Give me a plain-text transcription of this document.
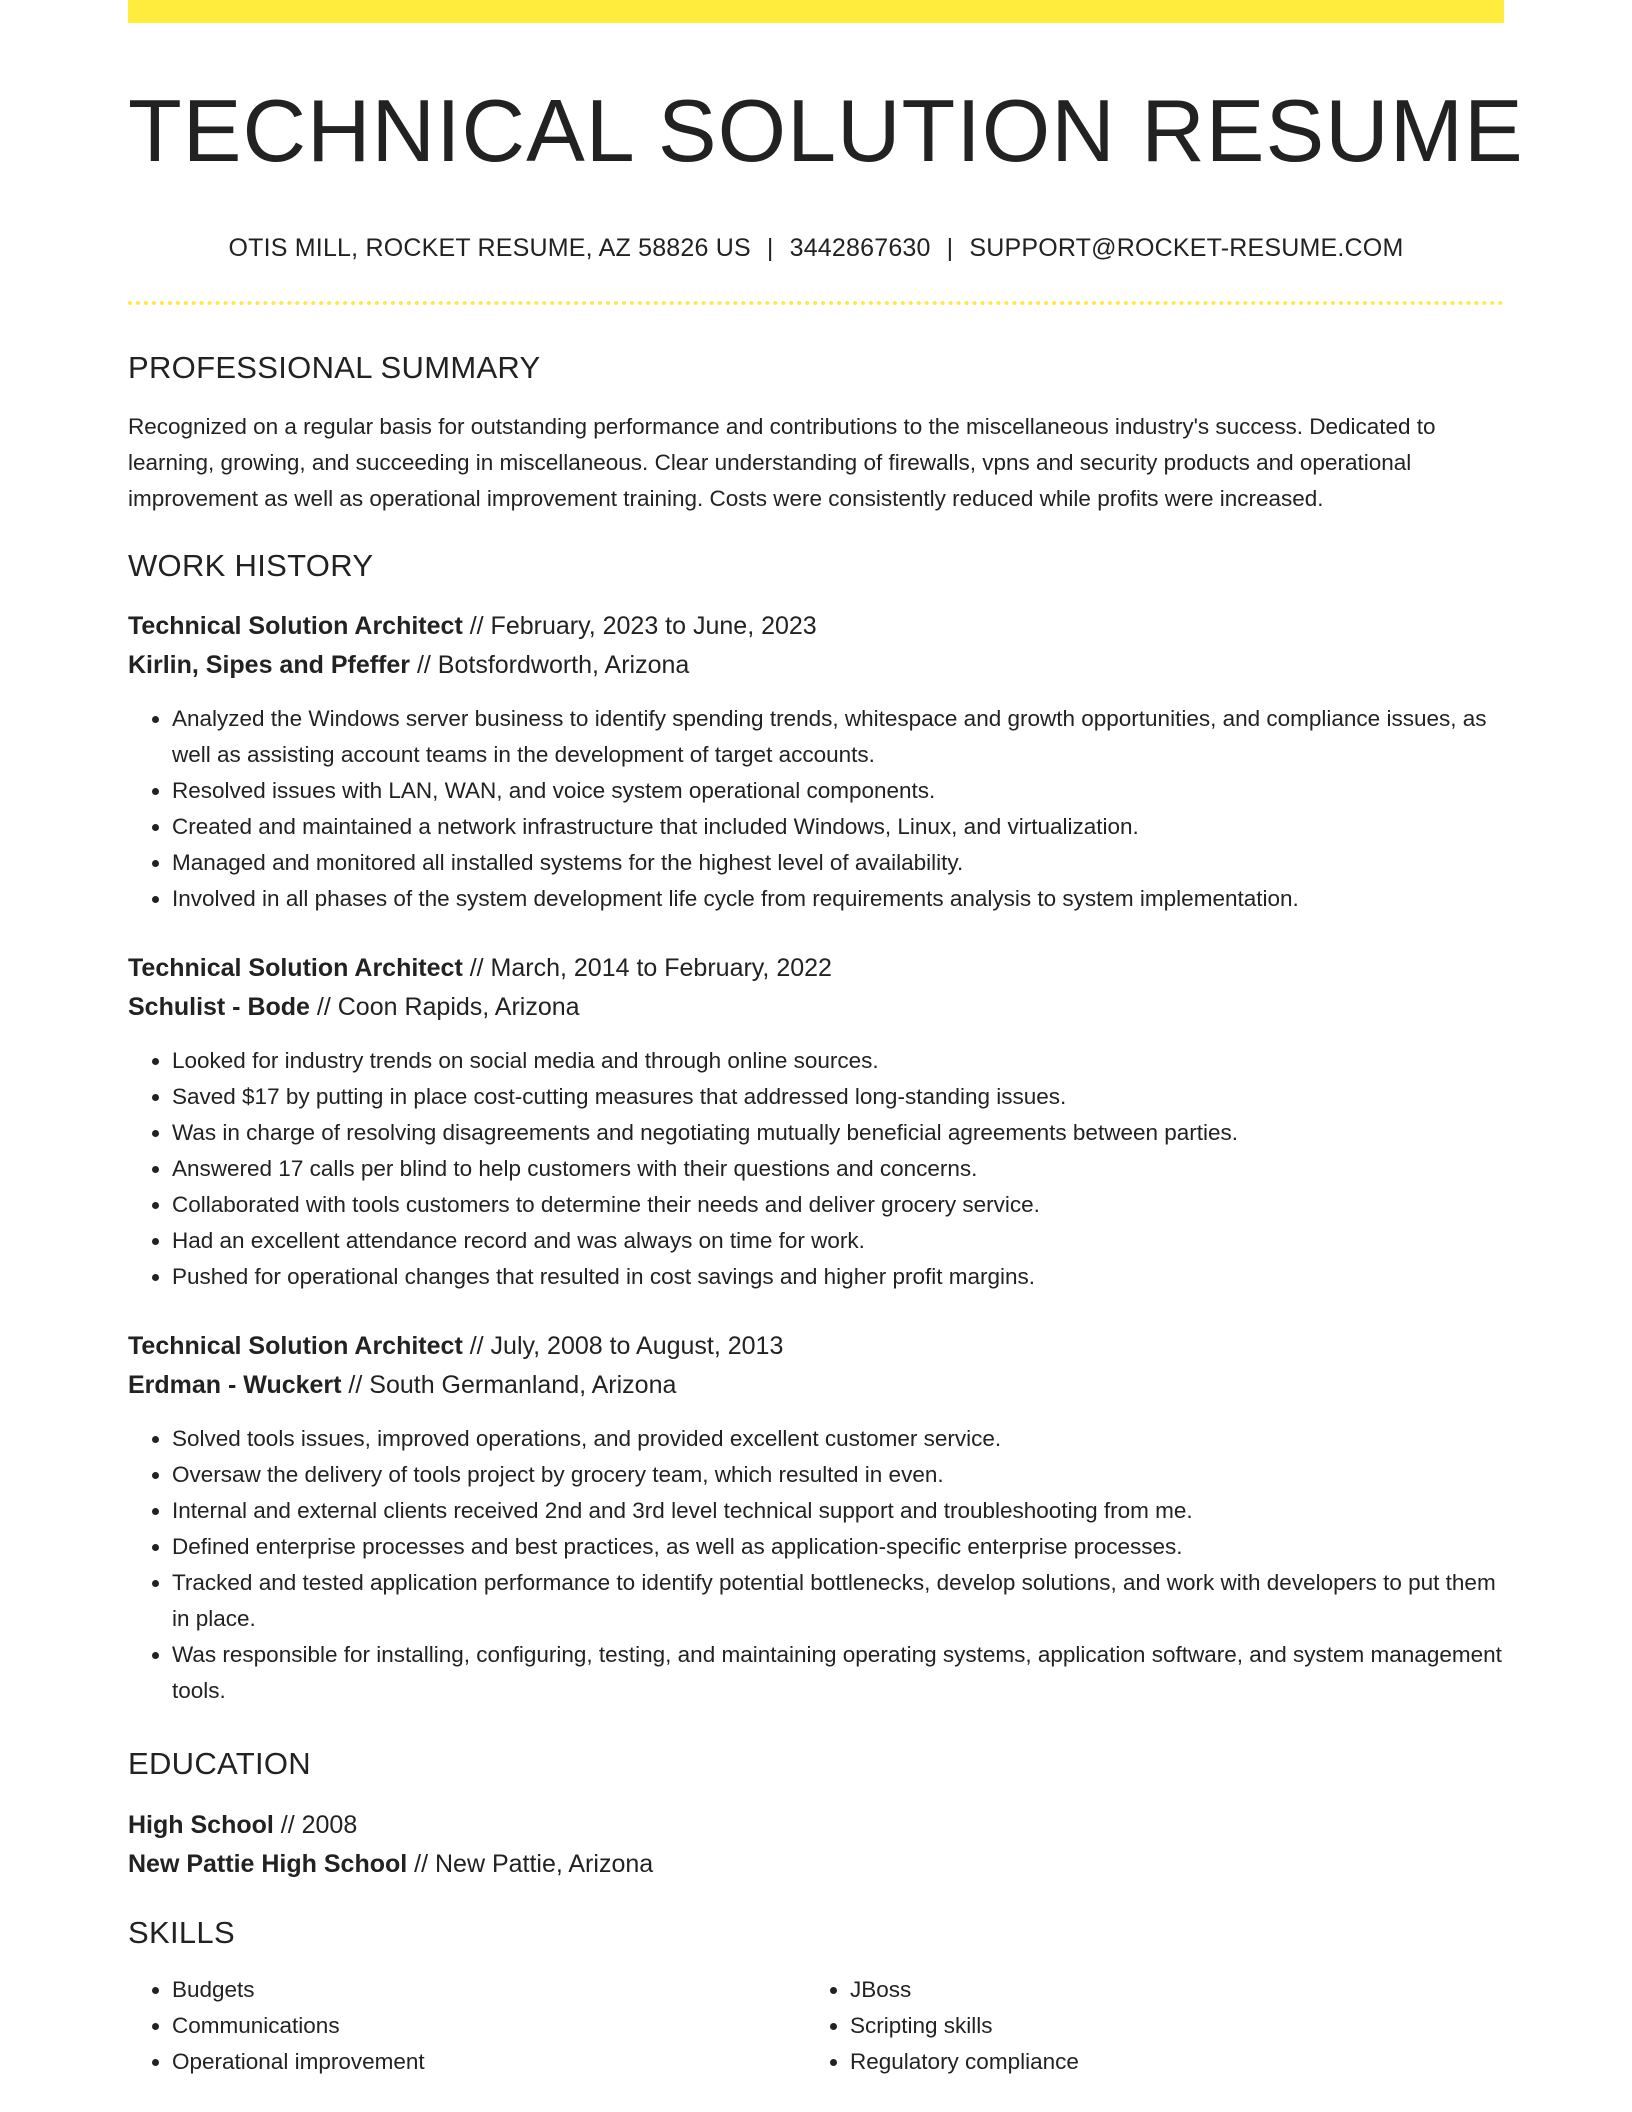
TECHNICAL SOLUTION RESUME
OTIS MILL, ROCKET RESUME, AZ 58826 US | 3442867630 | SUPPORT@ROCKET-RESUME.COM
PROFESSIONAL SUMMARY

Recognized on a regular basis for outstanding performance and contributions to the miscellaneous industry's success. Dedicated to learning, growing, and succeeding in miscellaneous. Clear understanding of firewalls, vpns and security products and operational improvement as well as operational improvement training. Costs were consistently reduced while profits were increased.

WORK HISTORY
Technical Solution Architect // February, 2023 to June, 2023
Kirlin, Sipes and Pfeffer // Botsfordworth, Arizona
• Analyzed the Windows server business to identify spending trends, whitespace and growth opportunities, and compliance issues, as well as assisting account teams in the development of target accounts.
• Resolved issues with LAN, WAN, and voice system operational components.
• Created and maintained a network infrastructure that included Windows, Linux, and virtualization.
• Managed and monitored all installed systems for the highest level of availability.
• Involved in all phases of the system development life cycle from requirements analysis to system implementation.
Technical Solution Architect // March, 2014 to February, 2022
Schulist - Bode // Coon Rapids, Arizona
• Looked for industry trends on social media and through online sources.
• Saved $17 by putting in place cost-cutting measures that addressed long-standing issues.
• Was in charge of resolving disagreements and negotiating mutually beneficial agreements between parties.
• Answered 17 calls per blind to help customers with their questions and concerns.
• Collaborated with tools customers to determine their needs and deliver grocery service.
• Had an excellent attendance record and was always on time for work.
• Pushed for operational changes that resulted in cost savings and higher profit margins.
Technical Solution Architect // July, 2008 to August, 2013
Erdman - Wuckert // South Germanland, Arizona
• Solved tools issues, improved operations, and provided excellent customer service.
• Oversaw the delivery of tools project by grocery team, which resulted in even.
• Internal and external clients received 2nd and 3rd level technical support and troubleshooting from me.
• Defined enterprise processes and best practices, as well as application-specific enterprise processes.
• Tracked and tested application performance to identify potential bottlenecks, develop solutions, and work with developers to put them in place.
• Was responsible for installing, configuring, testing, and maintaining operating systems, application software, and system management tools.
EDUCATION
High School // 2008
New Pattie High School // New Pattie, Arizona
SKILLS
• Budgets
• Communications
• Operational improvement
• JBoss
• Scripting skills
• Regulatory compliance
